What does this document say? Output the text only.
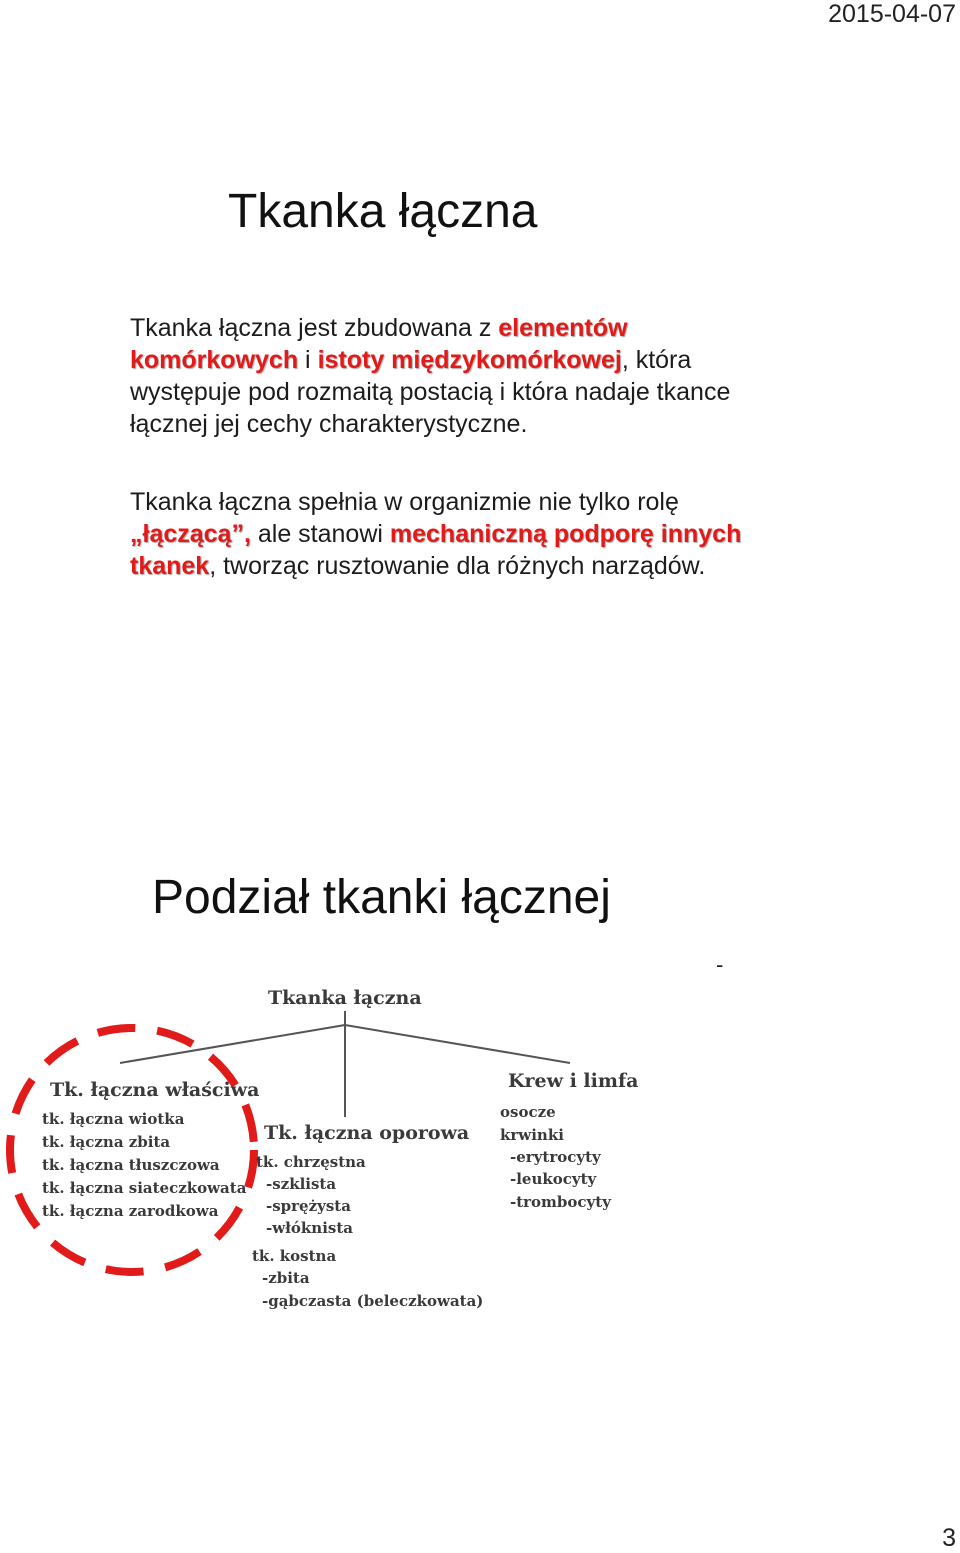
2015-04-07
Tkanka łączna
Tkanka łączna jest zbudowana z elementów komórkowych i istoty międzykomórkowej, która występuje pod rozmaitą postacią i która nadaje tkance łącznej jej cechy charakterystyczne.
Tkanka łączna spełnia w organizmie nie tylko rolę „łączącą”, ale stanowi mechaniczną podporę innych tkanek, tworząc rusztowanie dla różnych narządów.
Podział tkanki łącznej
-
Tkanka łączna
Tk. łączna właściwa
tk. łączna wiotka
tk. łączna zbita
tk. łączna tłuszczowa
tk. łączna siateczkowata
tk. łączna zarodkowa
Tk. łączna oporowa
tk. chrzęstna
-szklista
-sprężysta
-włóknista
tk. kostna
-zbita
-gąbczasta (beleczkowata)
Krew i limfa
osocze
krwinki
-erytrocyty
-leukocyty
-trombocyty
3
